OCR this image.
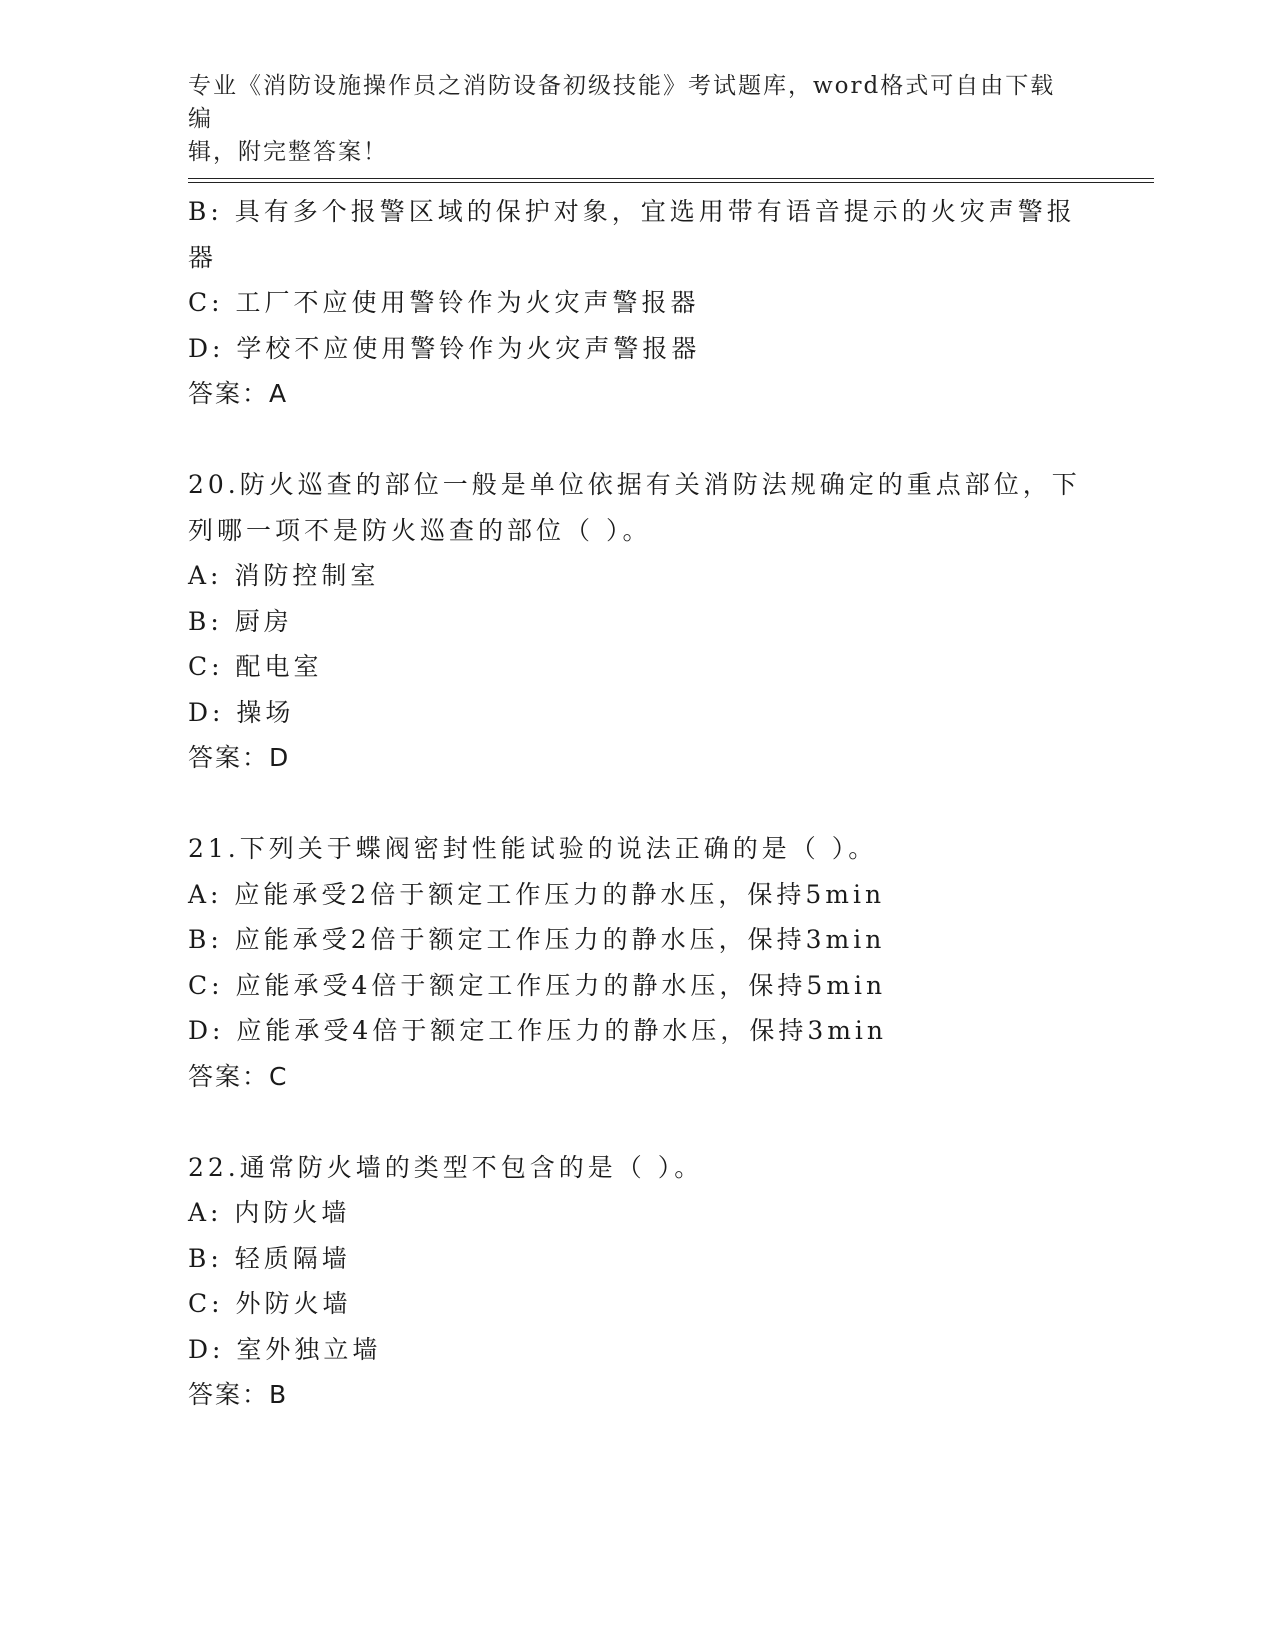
专业《消防设施操作员之消防设备初级技能》考试题库，word格式可自由下载编
辑，附完整答案！
B: 具有多个报警区域的保护对象，宜选用带有语音提示的火灾声警报
器
C: 工厂不应使用警铃作为火灾声警报器
D: 学校不应使用警铃作为火灾声警报器
答案：A
20.防火巡查的部位一般是单位依据有关消防法规确定的重点部位，下
列哪一项不是防火巡查的部位（ ）。
A: 消防控制室
B: 厨房
C: 配电室
D: 操场
答案：D
21.下列关于蝶阀密封性能试验的说法正确的是（ ）。
A: 应能承受2倍于额定工作压力的静水压，保持5min
B: 应能承受2倍于额定工作压力的静水压，保持3min
C: 应能承受4倍于额定工作压力的静水压，保持5min
D: 应能承受4倍于额定工作压力的静水压，保持3min
答案：C
22.通常防火墙的类型不包含的是（ ）。
A: 内防火墙
B: 轻质隔墙
C: 外防火墙
D: 室外独立墙
答案：B
